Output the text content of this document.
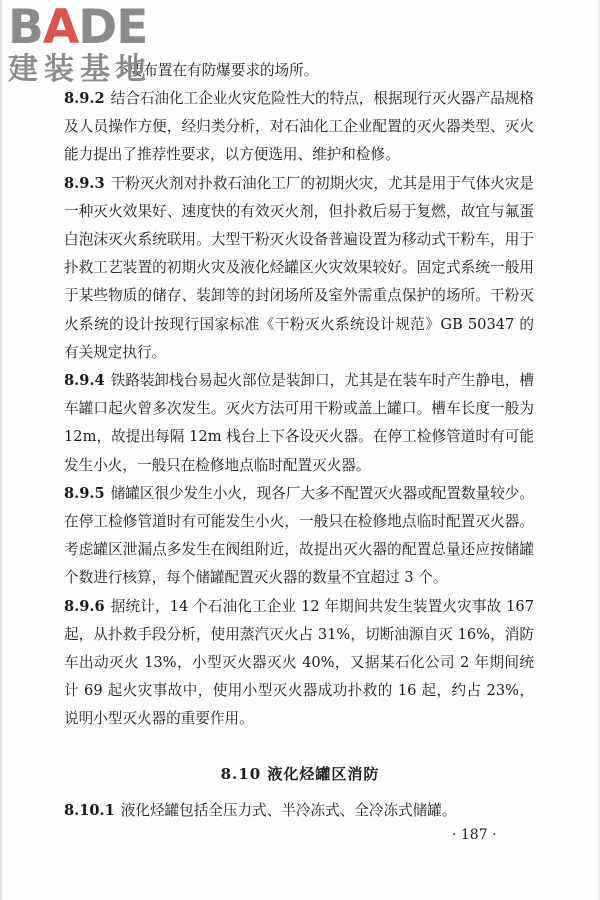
不要布置在有防爆要求的场所。
BADE
建装基地

8.9.2 结合石油化工企业火灾危险性大的特点，根据现行灭火器产品规格及人员操作方便，经归类分析，对石油化工企业配置的灭火器类型、灭火能力提出了推荐性要求，以方便选用、维护和检修。

8.9.3 干粉灭火剂对扑救石油化工厂的初期火灾，尤其是用于气体火灾是一种灭火效果好、速度快的有效灭火剂，但扑救后易于复燃，故宜与氟蛋白泡沫灭火系统联用。大型干粉灭火设备普遍设置为移动式干粉车，用于扑救工艺装置的初期火灾及液化烃罐区火灾效果较好。固定式系统一般用于某些物质的储存、装卸等的封闭场所及室外需重点保护的场所。干粉灭火系统的设计按现行国家标准《干粉灭火系统设计规范》GB 50347 的有关规定执行。

8.9.4 铁路装卸栈台易起火部位是装卸口，尤其是在装车时产生静电，槽车罐口起火曾多次发生。灭火方法可用干粉或盖上罐口。槽车长度一般为 12m，故提出每隔 12m 栈台上下各设灭火器。在停工检修管道时有可能发生小火，一般只在检修地点临时配置灭火器。

8.9.5 储罐区很少发生小火，现各厂大多不配置灭火器或配置数量较少。在停工检修管道时有可能发生小火，一般只在检修地点临时配置灭火器。考虑罐区泄漏点多发生在阀组附近，故提出灭火器的配置总量还应按储罐个数进行核算，每个储罐配置灭火器的数量不宜超过 3 个。

8.9.6 据统计，14 个石油化工企业 12 年期间共发生装置火灾事故 167 起，从扑救手段分析，使用蒸汽灭火占 31%，切断油源自灭 16%，消防车出动灭火 13%，小型灭火器灭火 40%，又据某石化公司 2 年期间统计 69 起火灾事故中，使用小型灭火器成功扑救的 16 起，约占 23%，说明小型灭火器的重要作用。

8.10 液化烃罐区消防
8.10.1 液化烃罐包括全压力式、半冷冻式、全冷冻式储罐。
· 187 ·
